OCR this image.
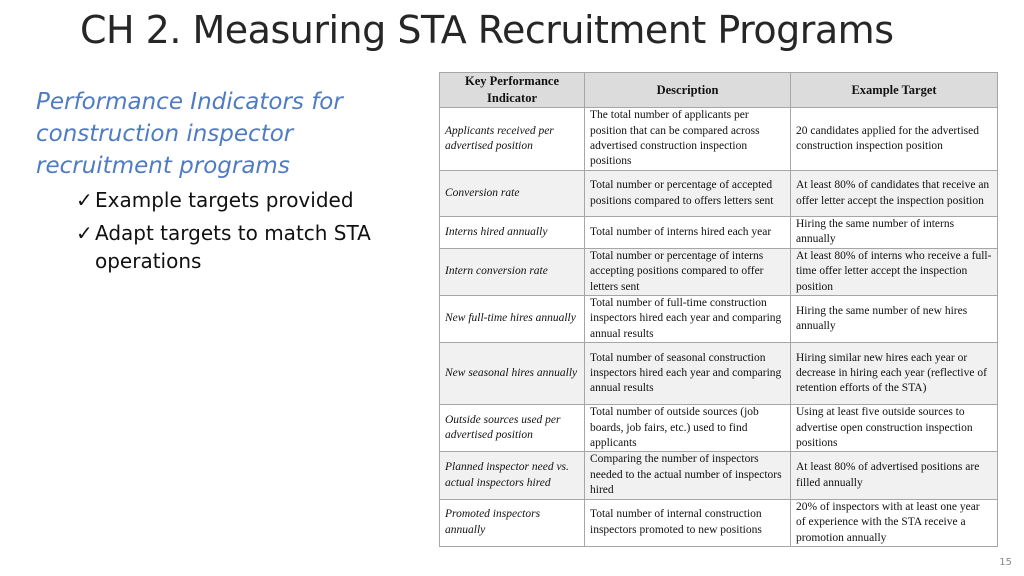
CH 2. Measuring STA Recruitment Programs
Performance Indicators for construction inspector recruitment programs
✓ Example targets provided
✓ Adapt targets to match STA operations
Key Performance Indicator	Description	Example Target
Applicants received per advertised position	The total number of applicants per position that can be compared across advertised construction inspection positions	20 candidates applied for the advertised construction inspection position
Conversion rate	Total number or percentage of accepted positions compared to offers letters sent	At least 80% of candidates that receive an offer letter accept the inspection position
Interns hired annually	Total number of interns hired each year	Hiring the same number of interns annually
Intern conversion rate	Total number or percentage of interns accepting positions compared to offer letters sent	At least 80% of interns who receive a full-time offer letter accept the inspection position
New full-time hires annually	Total number of full-time construction inspectors hired each year and comparing annual results	Hiring the same number of new hires annually
New seasonal hires annually	Total number of seasonal construction inspectors hired each year and comparing annual results	Hiring similar new hires each year or decrease in hiring each year (reflective of retention efforts of the STA)
Outside sources used per advertised position	Total number of outside sources (job boards, job fairs, etc.) used to find applicants	Using at least five outside sources to advertise open construction inspection positions
Planned inspector need vs. actual inspectors hired	Comparing the number of inspectors needed to the actual number of inspectors hired	At least 80% of advertised positions are filled annually
Promoted inspectors annually	Total number of internal construction inspectors promoted to new positions	20% of inspectors with at least one year of experience with the STA receive a promotion annually
15
